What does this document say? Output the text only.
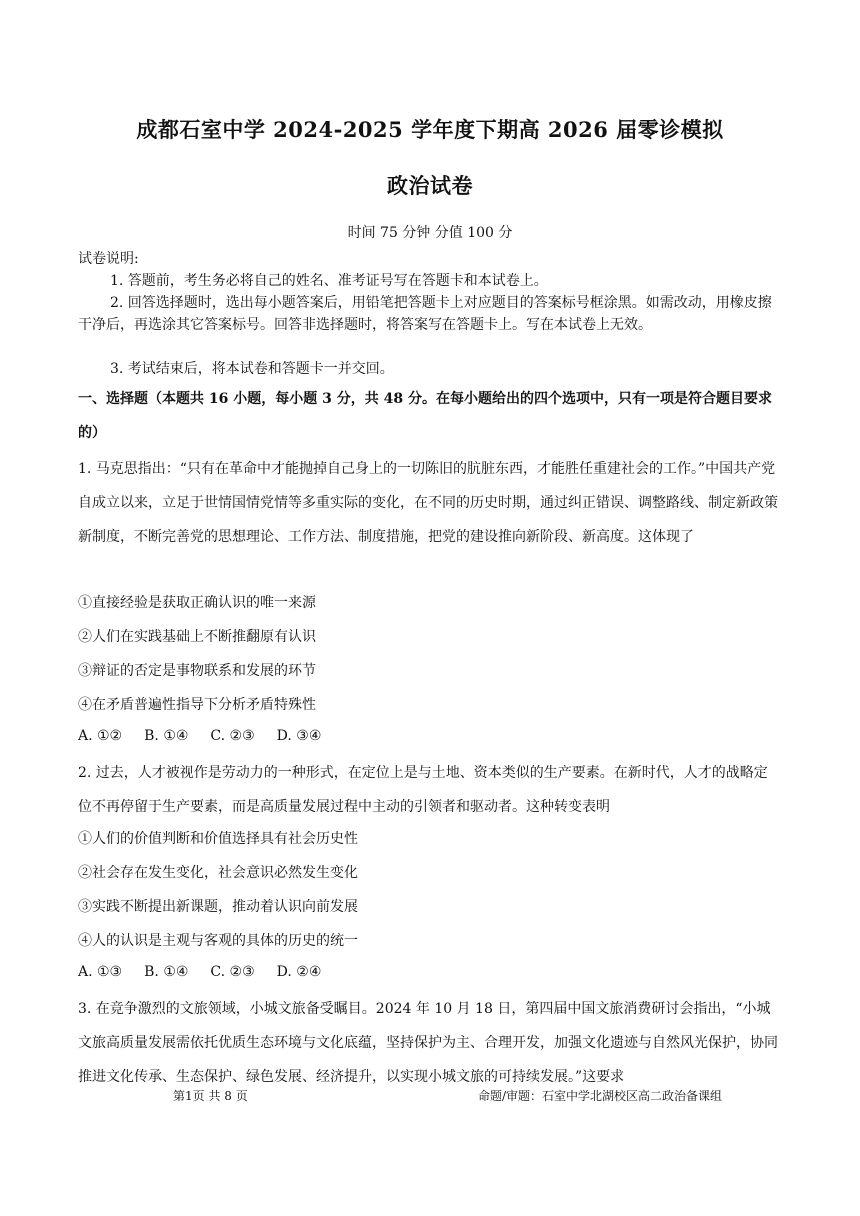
成都石室中学 2024-2025 学年度下期高 2026 届零诊模拟
政治试卷
时间 75 分钟 分值 100 分
试卷说明:
1. 答题前，考生务必将自己的姓名、准考证号写在答题卡和本试卷上。
2. 回答选择题时，选出每小题答案后，用铅笔把答题卡上对应题目的答案标号框涂黑。如需改动，用橡皮擦干净后，再选涂其它答案标号。回答非选择题时，将答案写在答题卡上。写在本试卷上无效。
3. 考试结束后，将本试卷和答题卡一并交回。
一、选择题（本题共 16 小题，每小题 3 分，共 48 分。在每小题给出的四个选项中，只有一项是符合题目要求的）
1. 马克思指出：“只有在革命中才能抛掉自己身上的一切陈旧的肮脏东西，才能胜任重建社会的工作。”中国共产党自成立以来，立足于世情国情党情等多重实际的变化，在不同的历史时期，通过纠正错误、调整路线、制定新政策新制度，不断完善党的思想理论、工作方法、制度措施，把党的建设推向新阶段、新高度。这体现了
①直接经验是获取正确认识的唯一来源
②人们在实践基础上不断推翻原有认识
③辩证的否定是事物联系和发展的环节
④在矛盾普遍性指导下分析矛盾特殊性
A. ①② B. ①④ C. ②③ D. ③④
2. 过去，人才被视作是劳动力的一种形式，在定位上是与土地、资本类似的生产要素。在新时代，人才的战略定位不再停留于生产要素，而是高质量发展过程中主动的引领者和驱动者。这种转变表明
①人们的价值判断和价值选择具有社会历史性
②社会存在发生变化，社会意识必然发生变化
③实践不断提出新课题，推动着认识向前发展
④人的认识是主观与客观的具体的历史的统一
A. ①③ B. ①④ C. ②③ D. ②④
3. 在竞争激烈的文旅领域，小城文旅备受瞩目。2024 年 10 月 18 日，第四届中国文旅消费研讨会指出，“小城文旅高质量发展需依托优质生态环境与文化底蕴，坚持保护为主、合理开发，加强文化遗迹与自然风光保护，协同推进文化传承、生态保护、绿色发展、经济提升，以实现小城文旅的可持续发展。”这要求
第1页 共 8 页	命题/审题：石室中学北湖校区高二政治备课组
